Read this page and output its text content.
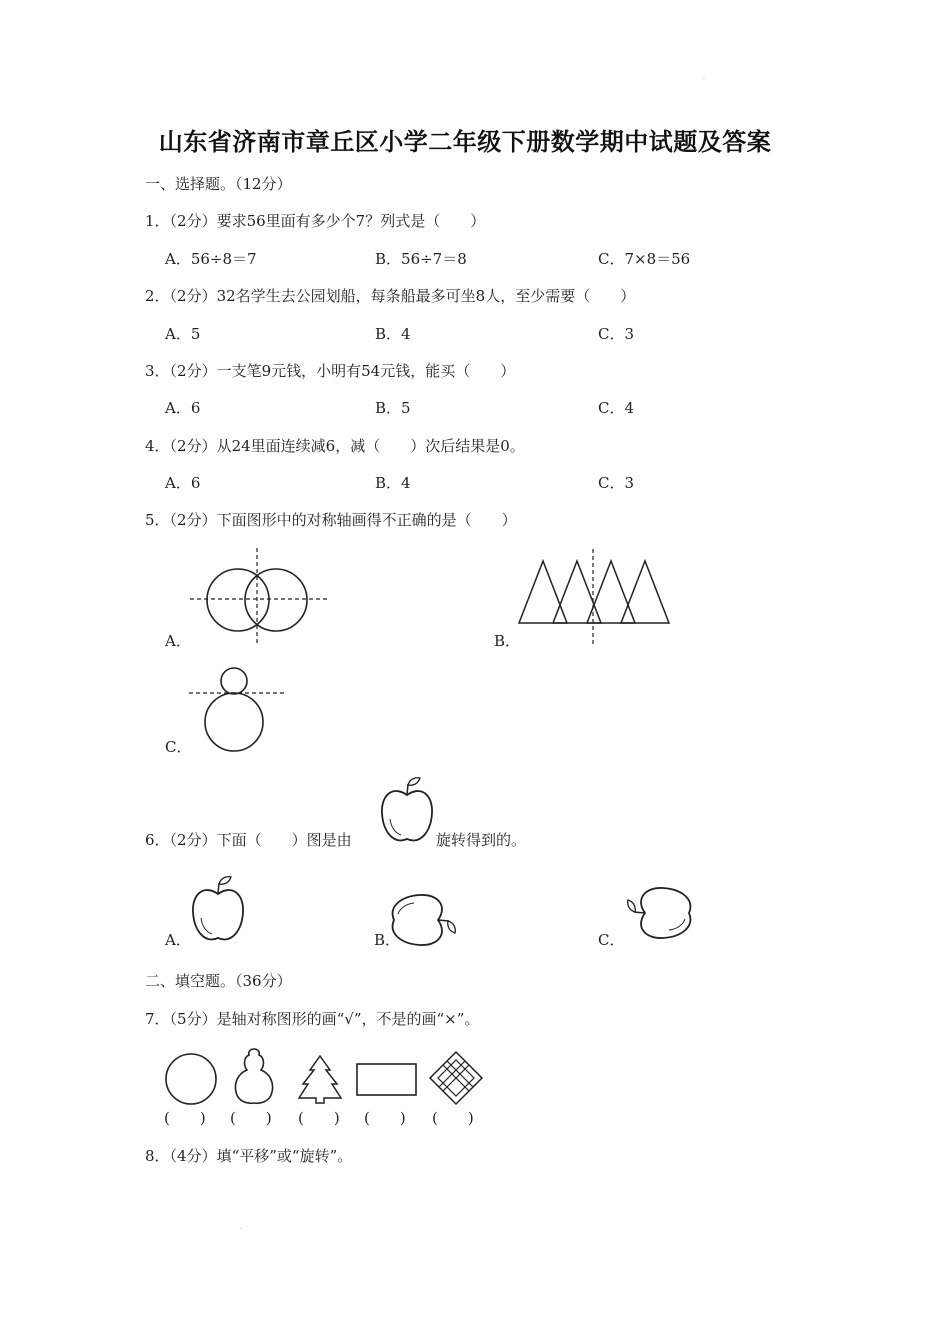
·
山东省济南市章丘区小学二年级下册数学期中试题及答案
一、选择题。（12分）
1．（2分）要求56里面有多少个7？列式是（　　）
A．56÷8＝7	B．56÷7＝8	C．7×8＝56
2．（2分）32名学生去公园划船，每条船最多可坐8人，至少需要（　　）
A．5	B．4	C．3
3．（2分）一支笔9元钱，小明有54元钱，能买（　　）
A．6	B．5	C．4
4．（2分）从24里面连续减6，减（　　）次后结果是0。
A．6	B．4	C．3
5．（2分）下面图形中的对称轴画得不正确的是（　　）
A．	B．
C．
6．（2分）下面（　　）图是由	旋转得到的。
A．	B．	C．
二、填空题。（36分）
7．（5分）是轴对称图形的画“√”，不是的画“×”。
(　　) (　　) (　　) (　　) (　　)
8．（4分）填“平移”或“旋转”。
·
